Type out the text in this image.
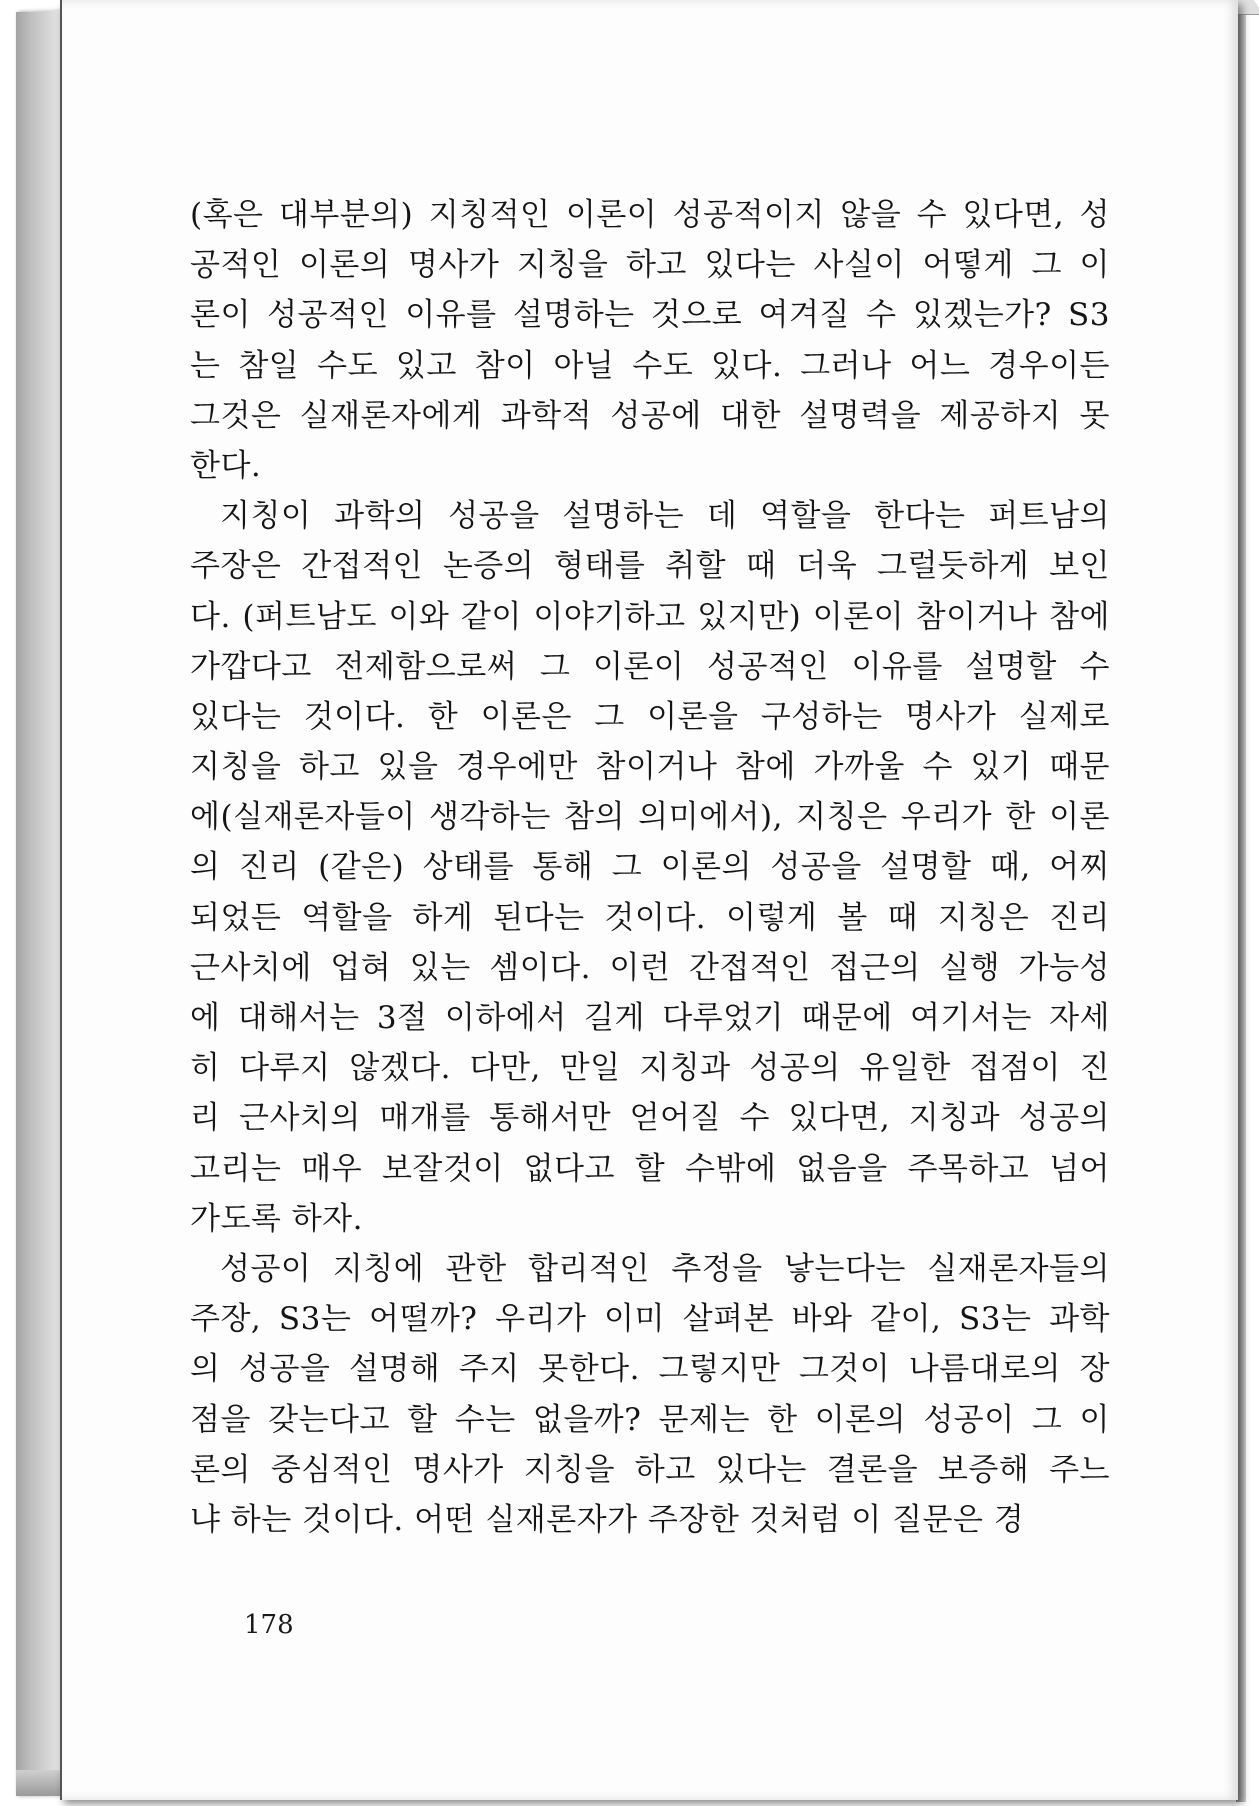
(혹은 대부분의) 지칭적인 이론이 성공적이지 않을 수 있다면, 성
공적인 이론의 명사가 지칭을 하고 있다는 사실이 어떻게 그 이
론이 성공적인 이유를 설명하는 것으로 여겨질 수 있겠는가? S3
는 참일 수도 있고 참이 아닐 수도 있다. 그러나 어느 경우이든
그것은 실재론자에게 과학적 성공에 대한 설명력을 제공하지 못
한다.
지칭이 과학의 성공을 설명하는 데 역할을 한다는 퍼트남의
주장은 간접적인 논증의 형태를 취할 때 더욱 그럴듯하게 보인
다. (퍼트남도 이와 같이 이야기하고 있지만) 이론이 참이거나 참에
가깝다고 전제함으로써 그 이론이 성공적인 이유를 설명할 수
있다는 것이다. 한 이론은 그 이론을 구성하는 명사가 실제로
지칭을 하고 있을 경우에만 참이거나 참에 가까울 수 있기 때문
에(실재론자들이 생각하는 참의 의미에서), 지칭은 우리가 한 이론
의 진리 (같은) 상태를 통해 그 이론의 성공을 설명할 때, 어찌
되었든 역할을 하게 된다는 것이다. 이렇게 볼 때 지칭은 진리
근사치에 업혀 있는 셈이다. 이런 간접적인 접근의 실행 가능성
에 대해서는 3절 이하에서 길게 다루었기 때문에 여기서는 자세
히 다루지 않겠다. 다만, 만일 지칭과 성공의 유일한 접점이 진
리 근사치의 매개를 통해서만 얻어질 수 있다면, 지칭과 성공의
고리는 매우 보잘것이 없다고 할 수밖에 없음을 주목하고 넘어
가도록 하자.
성공이 지칭에 관한 합리적인 추정을 낳는다는 실재론자들의
주장, S3는 어떨까? 우리가 이미 살펴본 바와 같이, S3는 과학
의 성공을 설명해 주지 못한다. 그렇지만 그것이 나름대로의 장
점을 갖는다고 할 수는 없을까? 문제는 한 이론의 성공이 그 이
론의 중심적인 명사가 지칭을 하고 있다는 결론을 보증해 주느
냐 하는 것이다. 어떤 실재론자가 주장한 것처럼 이 질문은 경
178
